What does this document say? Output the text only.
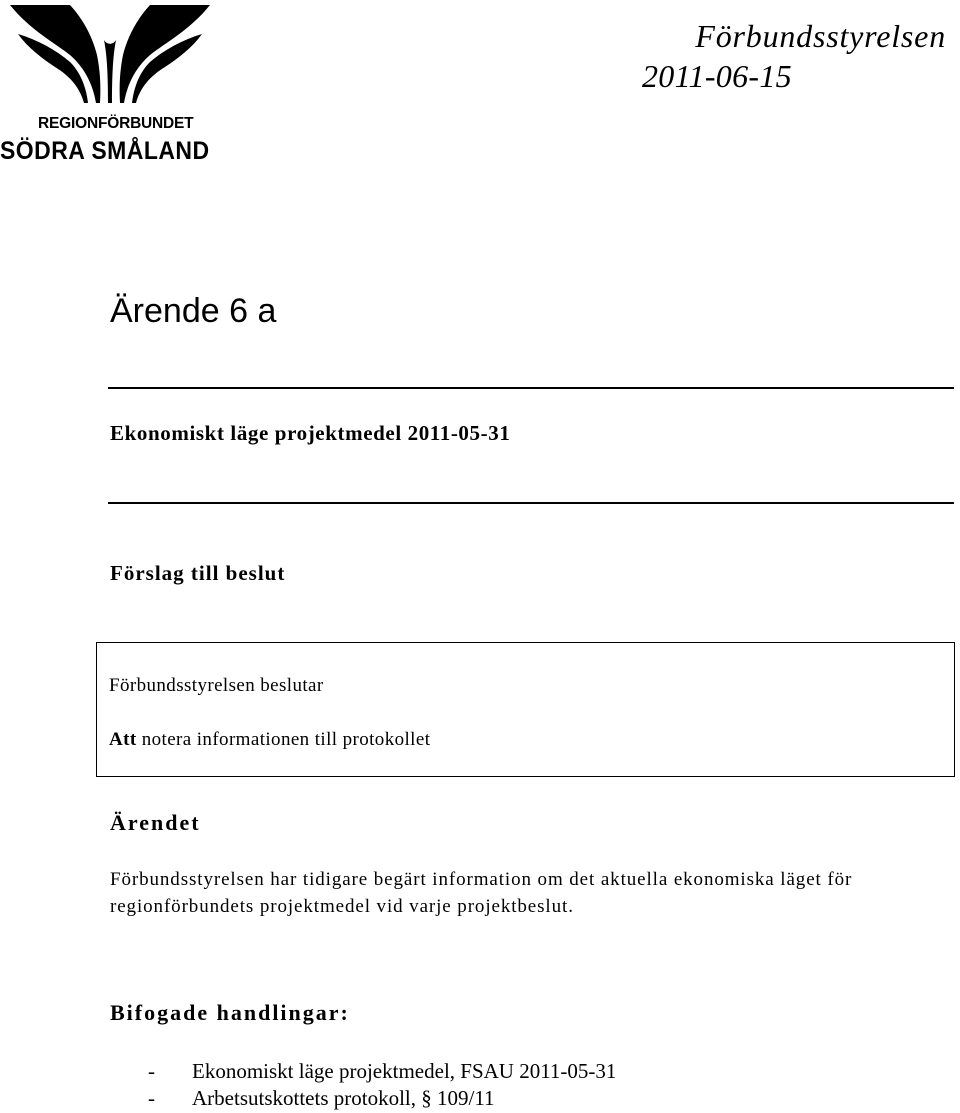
REGIONFÖRBUNDET
SÖDRA SMÅLAND
Förbundsstyrelsen
2011-06-15
Ärende 6 a
Ekonomiskt läge projektmedel 2011-05-31
Förslag till beslut
Förbundsstyrelsen beslutar
Att notera informationen till protokollet
Ärendet
Förbundsstyrelsen har tidigare begärt information om det aktuella ekonomiska läget för regionförbundets projektmedel vid varje projektbeslut.
Bifogade handlingar:
- Ekonomiskt läge projektmedel, FSAU 2011-05-31
- Arbetsutskottets protokoll, § 109/11
